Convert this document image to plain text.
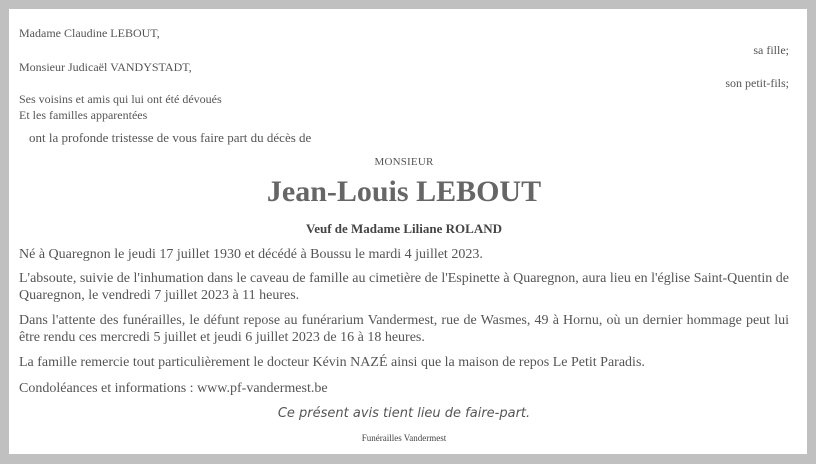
Madame Claudine LEBOUT,
sa fille;
Monsieur Judicaël VANDYSTADT,
son petit-fils;
Ses voisins et amis qui lui ont été dévoués
Et les familles apparentées
ont la profonde tristesse de vous faire part du décès de
MONSIEUR
Jean-Louis LEBOUT
Veuf de Madame Liliane ROLAND
Né à Quaregnon le jeudi 17 juillet 1930 et décédé à Boussu le mardi 4 juillet 2023.
L'absoute, suivie de l'inhumation dans le caveau de famille au cimetière de l'Espinette à Quaregnon, aura lieu en l'église Saint-Quentin de Quaregnon, le vendredi 7 juillet 2023 à 11 heures.
Dans l'attente des funérailles, le défunt repose au funérarium Vandermest, rue de Wasmes, 49 à Hornu, où un dernier hommage peut lui être rendu ces mercredi 5 juillet et jeudi 6 juillet 2023 de 16 à 18 heures.
La famille remercie tout particulièrement le docteur Kévin NAZÉ ainsi que la maison de repos Le Petit Paradis.
Condoléances et informations : www.pf-vandermest.be
Ce présent avis tient lieu de faire-part.
Funérailles Vandermest
